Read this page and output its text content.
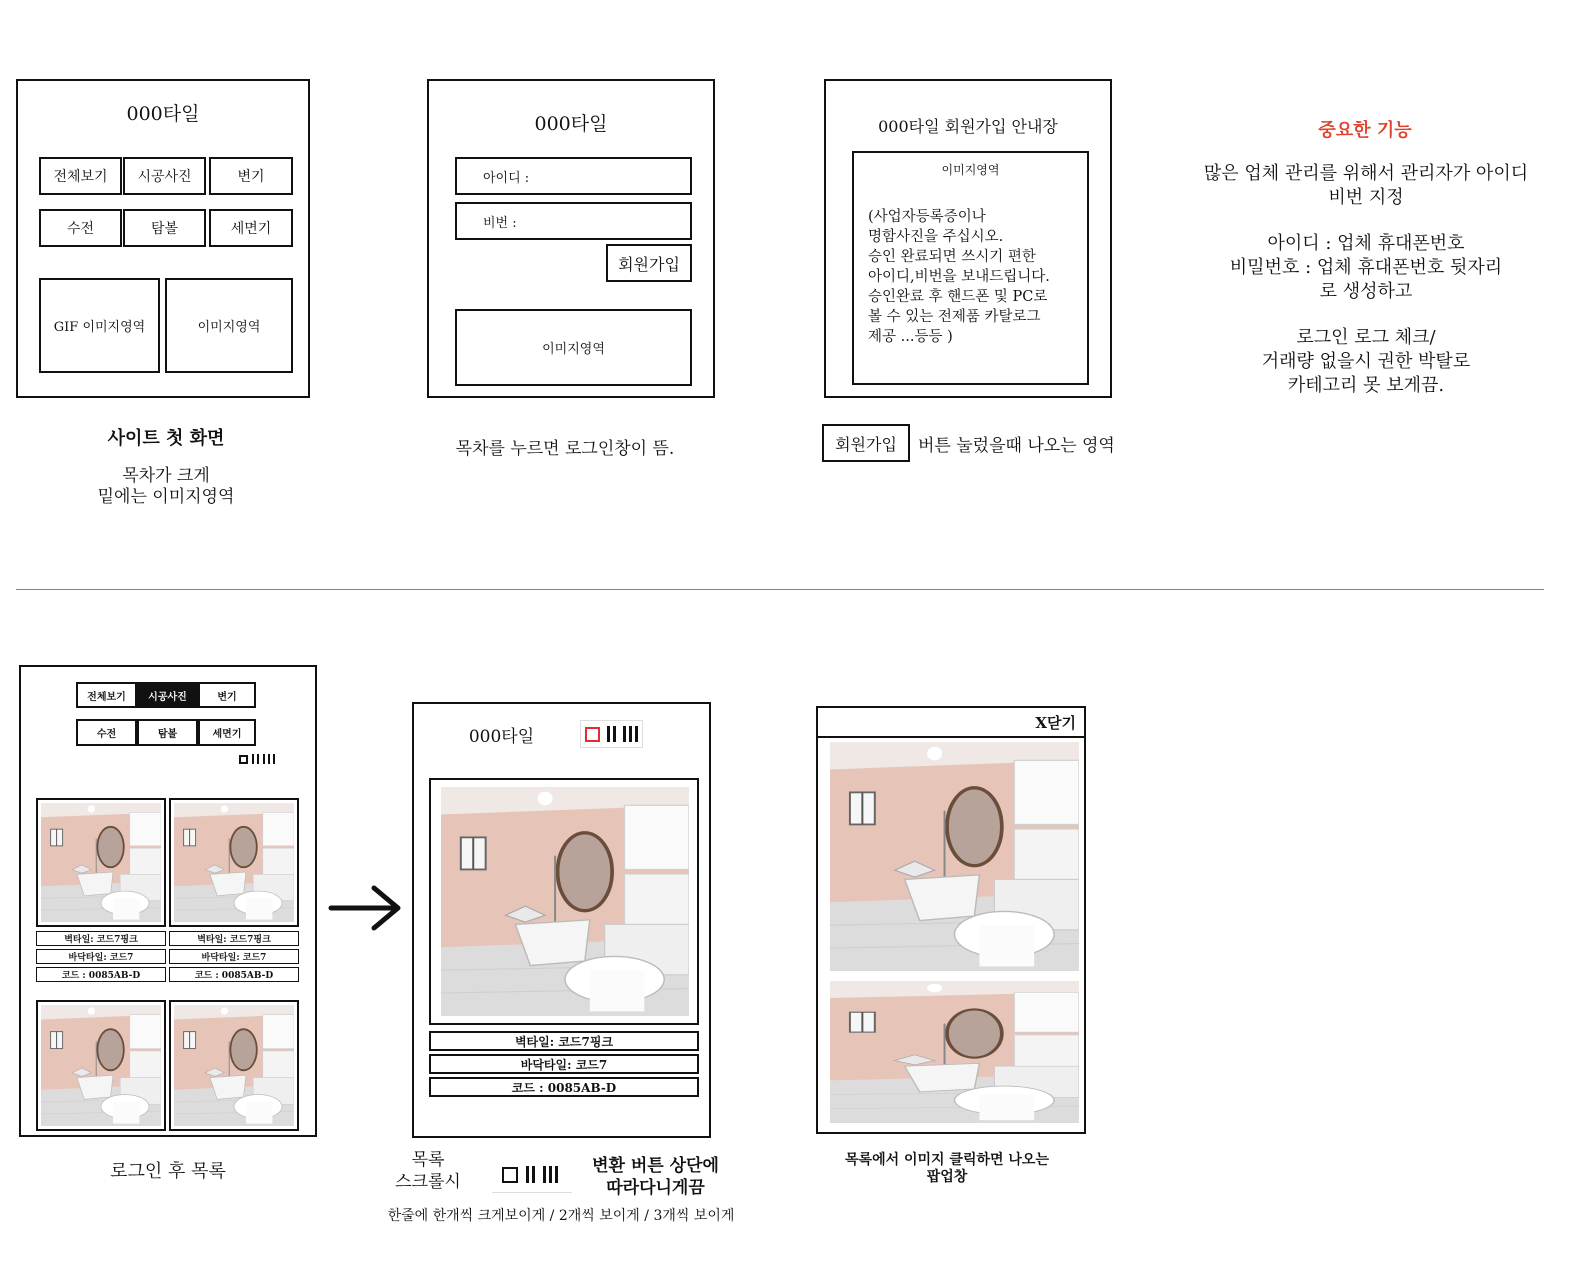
000타일
전체보기	시공사진	변기
수전	탐볼	세면기
GIF 이미지영역	이미지영역
사이트 첫 화면
목차가 크게
밑에는 이미지영역
000타일
아이디 :
비번 :
회원가입
이미지영역
목차를 누르면 로그인창이 뜸.
000타일 회원가입 안내장
이미지영역
(사업자등록증이나
명함사진을 주십시오.
승인 완료되면 쓰시기 편한
아이디,비번을 보내드립니다.
승인완료 후 핸드폰 및 PC로
볼 수 있는 전제품 카탈로그
제공 ...등등 )
회원가입	버튼 눌렀을때 나오는 영역
중요한 기능
많은 업체 관리를 위해서 관리자가 아이디
비번 지정
아이디 : 업체 휴대폰번호
비밀번호 : 업체 휴대폰번호 뒷자리
로 생성하고
로그인 로그 체크/
거래량 없을시 권한 박탈로
카테고리 못 보게끔.
전체보기	시공사진	변기
수전	탐볼	세면기
벽타일: 코드7핑크	벽타일: 코드7핑크
바닥타일: 코드7	바닥타일: 코드7
코드 : 0085AB-D	코드 : 0085AB-D
로그인 후 목록
000타일
벽타일: 코드7핑크
바닥타일: 코드7
코드 : 0085AB-D
목록
스크롤시
변환 버튼 상단에
따라다니게끔
한줄에 한개씩 크게보이게 / 2개씩 보이게 / 3개씩 보이게
X닫기
목록에서 이미지 클릭하면 나오는
팝업창
